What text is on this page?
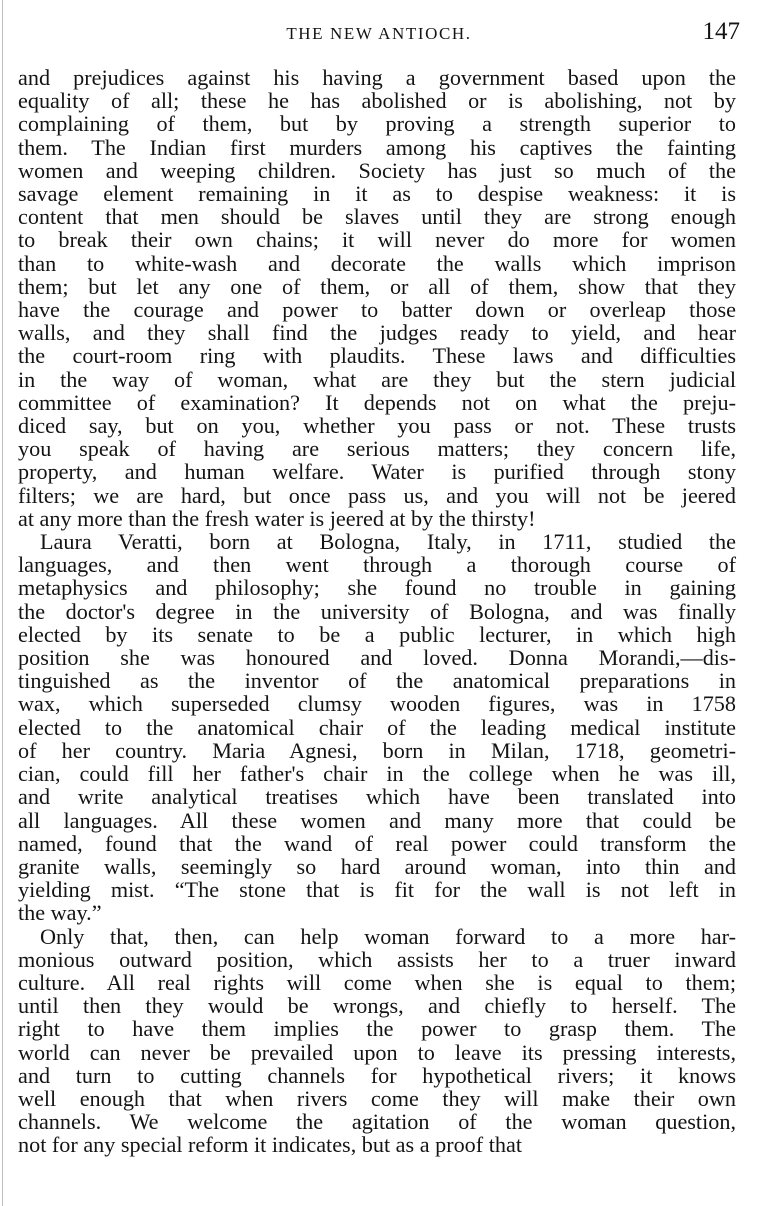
THE NEW ANTIOCH.	147
and prejudices against his having a government based upon the
equality of all; these he has abolished or is abolishing, not by
complaining of them, but by proving a strength superior to
them. The Indian first murders among his captives the fainting
women and weeping children. Society has just so much of the
savage element remaining in it as to despise weakness: it is
content that men should be slaves until they are strong enough
to break their own chains; it will never do more for women
than to white-wash and decorate the walls which imprison
them; but let any one of them, or all of them, show that they
have the courage and power to batter down or overleap those
walls, and they shall find the judges ready to yield, and hear
the court-room ring with plaudits. These laws and difficulties
in the way of woman, what are they but the stern judicial
committee of examination? It depends not on what the preju-
diced say, but on you, whether you pass or not. These trusts
you speak of having are serious matters; they concern life,
property, and human welfare. Water is purified through stony
filters; we are hard, but once pass us, and you will not be jeered
at any more than the fresh water is jeered at by the thirsty!
Laura Veratti, born at Bologna, Italy, in 1711, studied the
languages, and then went through a thorough course of
metaphysics and philosophy; she found no trouble in gaining
the doctor's degree in the university of Bologna, and was finally
elected by its senate to be a public lecturer, in which high
position she was honoured and loved. Donna Morandi,—dis-
tinguished as the inventor of the anatomical preparations in
wax, which superseded clumsy wooden figures, was in 1758
elected to the anatomical chair of the leading medical institute
of her country. Maria Agnesi, born in Milan, 1718, geometri-
cian, could fill her father's chair in the college when he was ill,
and write analytical treatises which have been translated into
all languages. All these women and many more that could be
named, found that the wand of real power could transform the
granite walls, seemingly so hard around woman, into thin and
yielding mist. “The stone that is fit for the wall is not left in
the way.”
Only that, then, can help woman forward to a more har-
monious outward position, which assists her to a truer inward
culture. All real rights will come when she is equal to them;
until then they would be wrongs, and chiefly to herself. The
right to have them implies the power to grasp them. The
world can never be prevailed upon to leave its pressing interests,
and turn to cutting channels for hypothetical rivers; it knows
well enough that when rivers come they will make their own
channels. We welcome the agitation of the woman question,
not for any special reform it indicates, but as a proof that
